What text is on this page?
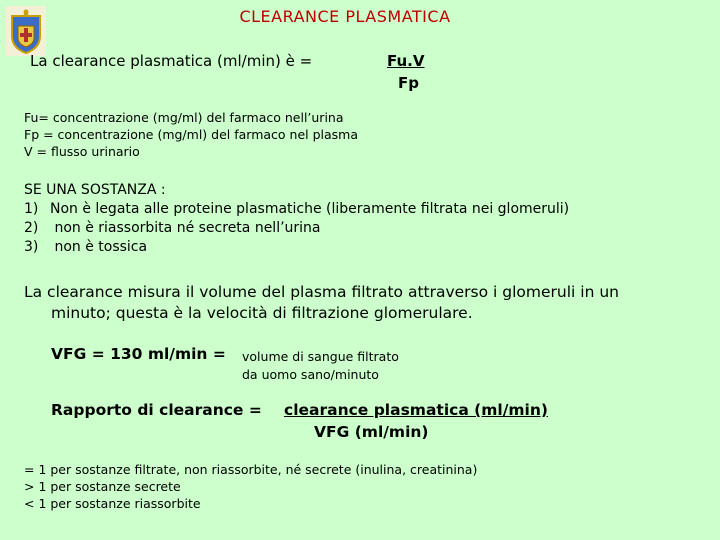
CLEARANCE PLASMATICA
La clearance plasmatica (ml/min) è =	Fu.V
Fp
Fu= concentrazione (mg/ml) del farmaco nell’urina
Fp = concentrazione (mg/ml) del farmaco nel plasma
V = flusso urinario
SE UNA SOSTANZA :
1) Non è legata alle proteine plasmatiche (liberamente filtrata nei glomeruli)
2) non è riassorbita né secreta nell’urina
3) non è tossica
La clearance misura il volume del plasma filtrato attraverso i glomeruli in un
minuto; questa è la velocità di filtrazione glomerulare.
VFG = 130 ml/min = volume di sangue filtrato
da uomo sano/minuto
Rapporto di clearance = clearance plasmatica (ml/min)
VFG (ml/min)
= 1 per sostanze filtrate, non riassorbite, né secrete (inulina, creatinina)
> 1 per sostanze secrete
< 1 per sostanze riassorbite
